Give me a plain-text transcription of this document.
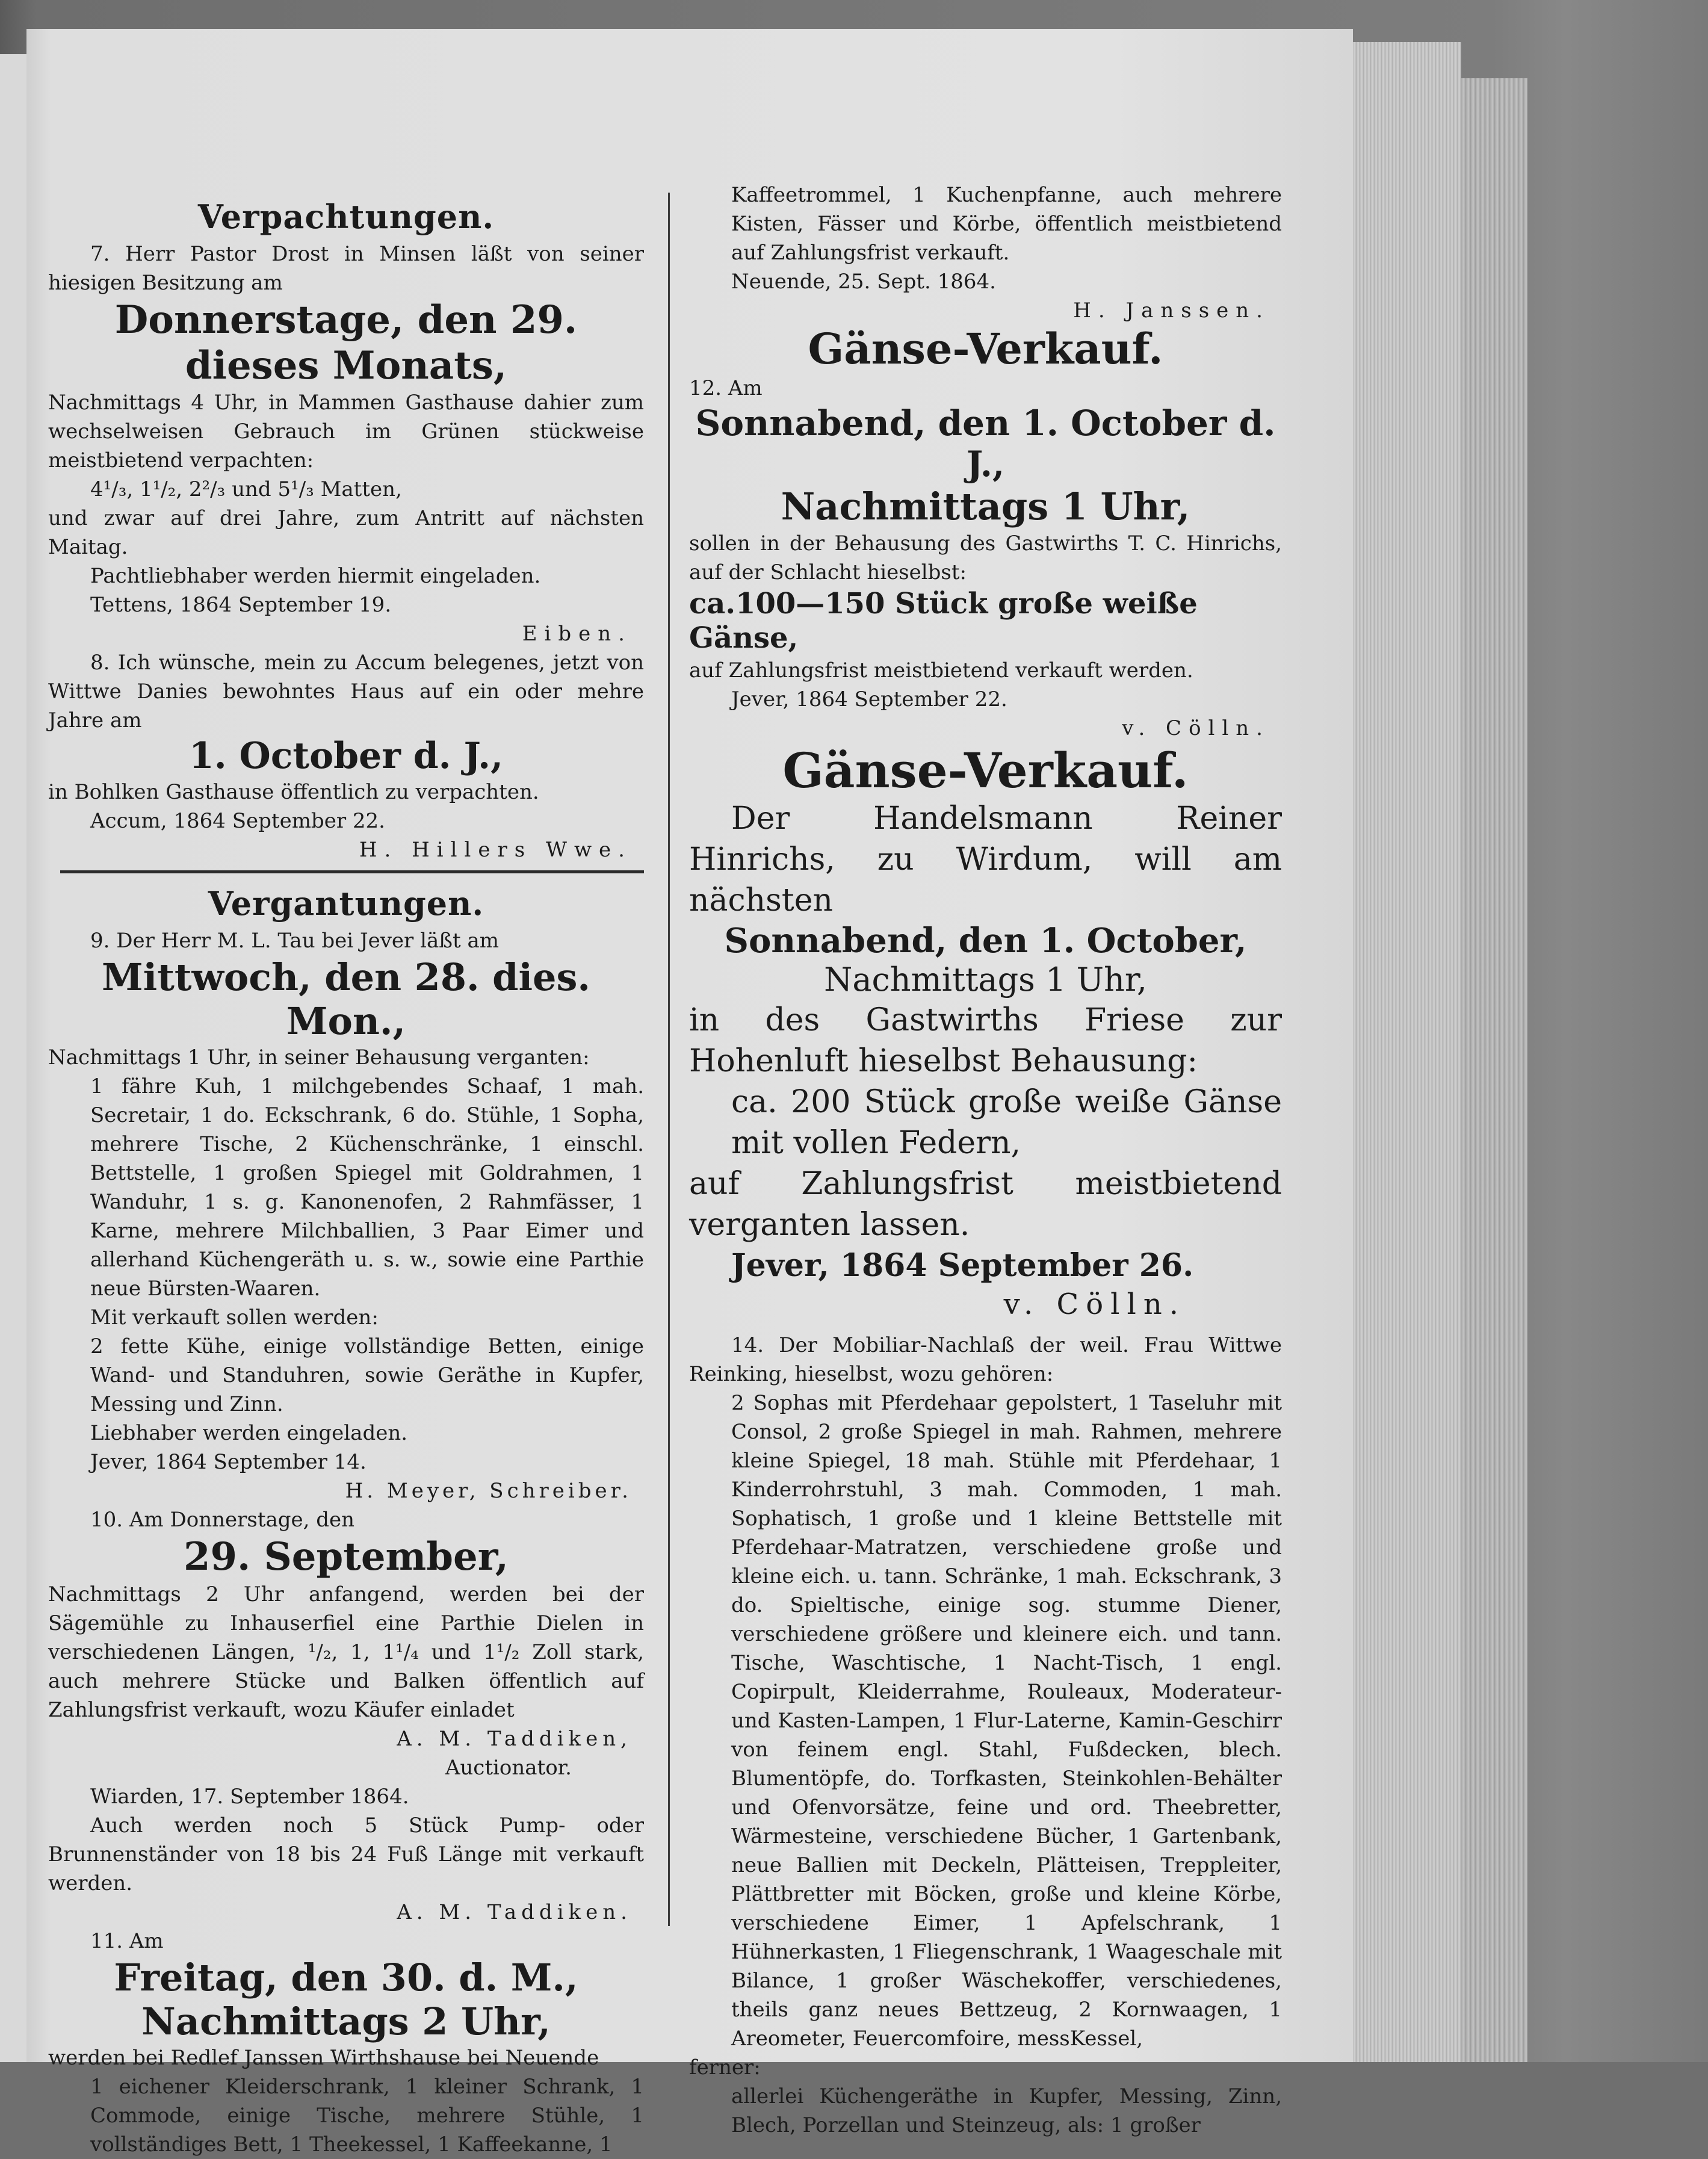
Verpachtungen.

7. Herr Pastor Drost in Minsen läßt von seiner hiesigen Besitzung am

Donnerstage, den 29. dieses Monats,

Nachmittags 4 Uhr, in Mammen Gasthause dahier zum wechselweisen Gebrauch im Grünen stückweise meistbietend verpachten:

4¹/₃, 1¹/₂, 2²/₃ und 5¹/₃ Matten,

und zwar auf drei Jahre, zum Antritt auf nächsten Maitag.

Pachtliebhaber werden hiermit eingeladen.

Tettens, 1864 September 19.

Eiben.

8. Ich wünsche, mein zu Accum belegenes, jetzt von Wittwe Danies bewohntes Haus auf ein oder mehre Jahre am

1. October d. J.,

in Bohlken Gasthause öffentlich zu verpachten.

Accum, 1864 September 22.

H. Hillers Wwe.
Vergantungen.

9. Der Herr M. L. Tau bei Jever läßt am

Mittwoch, den 28. dies. Mon.,

Nachmittags 1 Uhr, in seiner Behausung verganten:

1 fähre Kuh, 1 milchgebendes Schaaf, 1 mah. Secretair, 1 do. Eckschrank, 6 do. Stühle, 1 Sopha, mehrere Tische, 2 Küchenschränke, 1 einschl. Bettstelle, 1 großen Spiegel mit Goldrahmen, 1 Wanduhr, 1 s. g. Kanonenofen, 2 Rahmfässer, 1 Karne, mehrere Milchballien, 3 Paar Eimer und allerhand Küchengeräth u. s. w., sowie eine Parthie neue Bürsten-Waaren.

Mit verkauft sollen werden:

2 fette Kühe, einige vollständige Betten, einige Wand- und Standuhren, sowie Geräthe in Kupfer, Messing und Zinn.

Liebhaber werden eingeladen.

Jever, 1864 September 14.

H. Meyer, Schreiber.

10. Am Donnerstage, den

29. September,

Nachmittags 2 Uhr anfangend, werden bei der Sägemühle zu Inhauserfiel eine Parthie Dielen in verschiedenen Längen, ¹/₂, 1, 1¹/₄ und 1¹/₂ Zoll stark, auch mehrere Stücke und Balken öffentlich auf Zahlungsfrist verkauft, wozu Käufer einladet

A. M. Taddiken,
Auctionator.

Wiarden, 17. September 1864.

Auch werden noch 5 Stück Pump- oder Brunnenständer von 18 bis 24 Fuß Länge mit verkauft werden.

A. M. Taddiken.

11. Am

Freitag, den 30. d. M.,
Nachmittags 2 Uhr,

werden bei Redlef Janssen Wirthshause bei Neuende

1 eichener Kleiderschrank, 1 kleiner Schrank, 1 Commode, einige Tische, mehrere Stühle, 1 vollständiges Bett, 1 Theekessel, 1 Kaffeekanne, 1

Kaffeetrommel, 1 Kuchenpfanne, auch mehrere Kisten, Fässer und Körbe, öffentlich meistbietend auf Zahlungsfrist verkauft.

Neuende, 25. Sept. 1864.

H. Janssen.
Gänse-Verkauf.

12. Am

Sonnabend, den 1. October d. J.,
Nachmittags 1 Uhr,

sollen in der Behausung des Gastwirths T. C. Hinrichs, auf der Schlacht hieselbst:

ca.100—150 Stück große weiße Gänse,

auf Zahlungsfrist meistbietend verkauft werden.

Jever, 1864 September 22.

v. Cölln.
Gänse-Verkauf.

Der Handelsmann Reiner Hinrichs, zu Wirdum, will am nächsten

Sonnabend, den 1. October,
Nachmittags 1 Uhr,

in des Gastwirths Friese zur Hohenluft hieselbst Behausung:

ca. 200 Stück große weiße Gänse mit vollen Federn,

auf Zahlungsfrist meistbietend verganten lassen.

Jever, 1864 September 26.

v. Cölln.

14. Der Mobiliar-Nachlaß der weil. Frau Wittwe Reinking, hieselbst, wozu gehören:

2 Sophas mit Pferdehaar gepolstert, 1 Taseluhr mit Consol, 2 große Spiegel in mah. Rahmen, mehrere kleine Spiegel, 18 mah. Stühle mit Pferdehaar, 1 Kinderrohrstuhl, 3 mah. Commoden, 1 mah. Sophatisch, 1 große und 1 kleine Bettstelle mit Pferdehaar-Matratzen, verschiedene große und kleine eich. u. tann. Schränke, 1 mah. Eckschrank, 3 do. Spieltische, einige sog. stumme Diener, verschiedene größere und kleinere eich. und tann. Tische, Waschtische, 1 Nacht-Tisch, 1 engl. Copirpult, Kleiderrahme, Rouleaux, Moderateur- und Kasten-Lampen, 1 Flur-Laterne, Kamin-Geschirr von feinem engl. Stahl, Fußdecken, blech. Blumentöpfe, do. Torfkasten, Steinkohlen-Behälter und Ofenvorsätze, feine und ord. Theebretter, Wärmesteine, verschiedene Bücher, 1 Gartenbank, neue Ballien mit Deckeln, Plätteisen, Treppleiter, Plättbretter mit Böcken, große und kleine Körbe, verschiedene Eimer, 1 Apfelschrank, 1 Hühnerkasten, 1 Fliegenschrank, 1 Waageschale mit Bilance, 1 großer Wäschekoffer, verschiedenes, theils ganz neues Bettzeug, 2 Kornwaagen, 1 Areometer, Feuercomfoire, messKessel,

ferner:

allerlei Küchengeräthe in Kupfer, Messing, Zinn, Blech, Porzellan und Steinzeug, als: 1 großer
